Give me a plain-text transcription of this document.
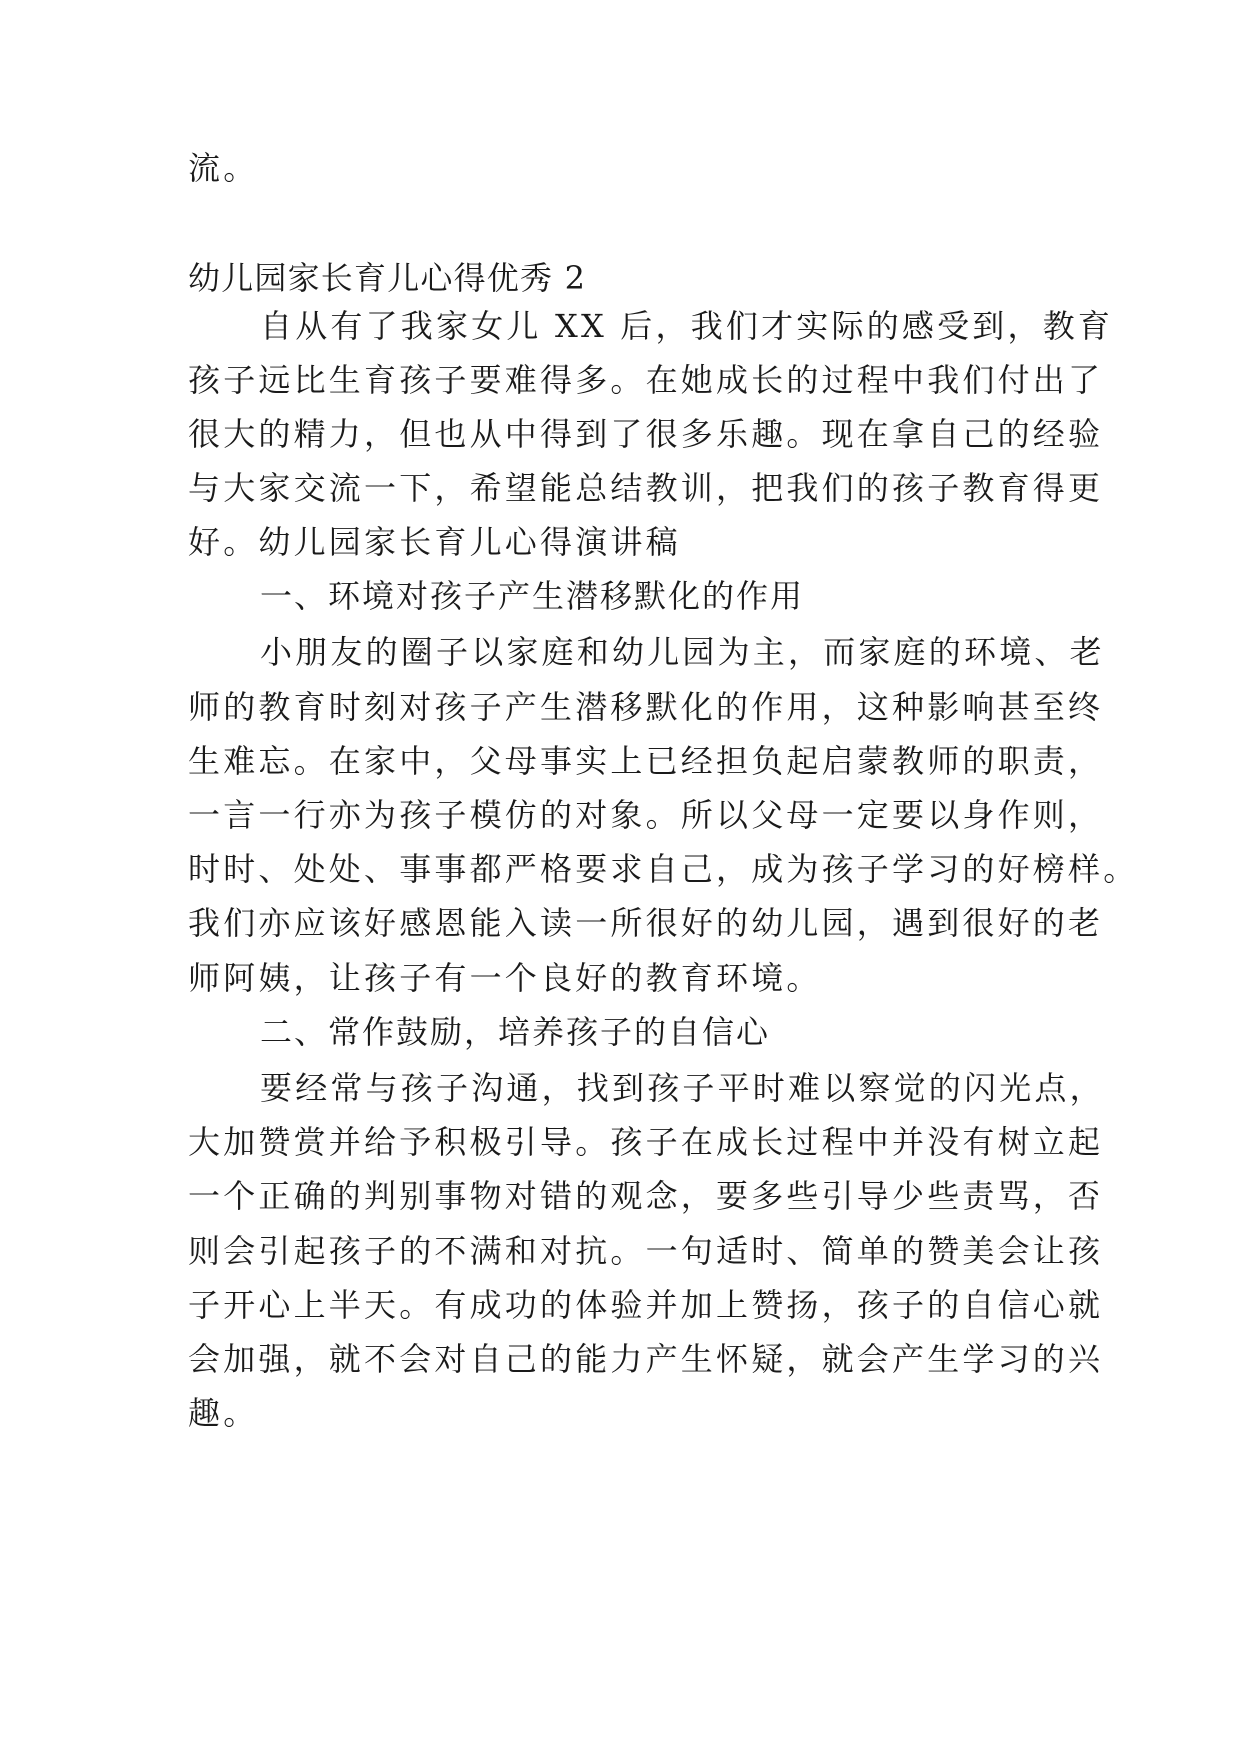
流。

幼儿园家长育儿心得优秀 2

自从有了我家女儿 XX 后，我们才实际的感受到，教育

孩子远比生育孩子要难得多。在她成长的过程中我们付出了

很大的精力，但也从中得到了很多乐趣。现在拿自己的经验

与大家交流一下，希望能总结教训，把我们的孩子教育得更

好。幼儿园家长育儿心得演讲稿

一、环境对孩子产生潜移默化的作用

小朋友的圈子以家庭和幼儿园为主，而家庭的环境、老

师的教育时刻对孩子产生潜移默化的作用，这种影响甚至终

生难忘。在家中，父母事实上已经担负起启蒙教师的职责，

一言一行亦为孩子模仿的对象。所以父母一定要以身作则，

时时、处处、事事都严格要求自己，成为孩子学习的好榜样。

我们亦应该好感恩能入读一所很好的幼儿园，遇到很好的老

师阿姨，让孩子有一个良好的教育环境。

二、常作鼓励，培养孩子的自信心

要经常与孩子沟通，找到孩子平时难以察觉的闪光点，

大加赞赏并给予积极引导。孩子在成长过程中并没有树立起

一个正确的判别事物对错的观念，要多些引导少些责骂，否

则会引起孩子的不满和对抗。一句适时、简单的赞美会让孩

子开心上半天。有成功的体验并加上赞扬，孩子的自信心就

会加强，就不会对自己的能力产生怀疑，就会产生学习的兴

趣。
